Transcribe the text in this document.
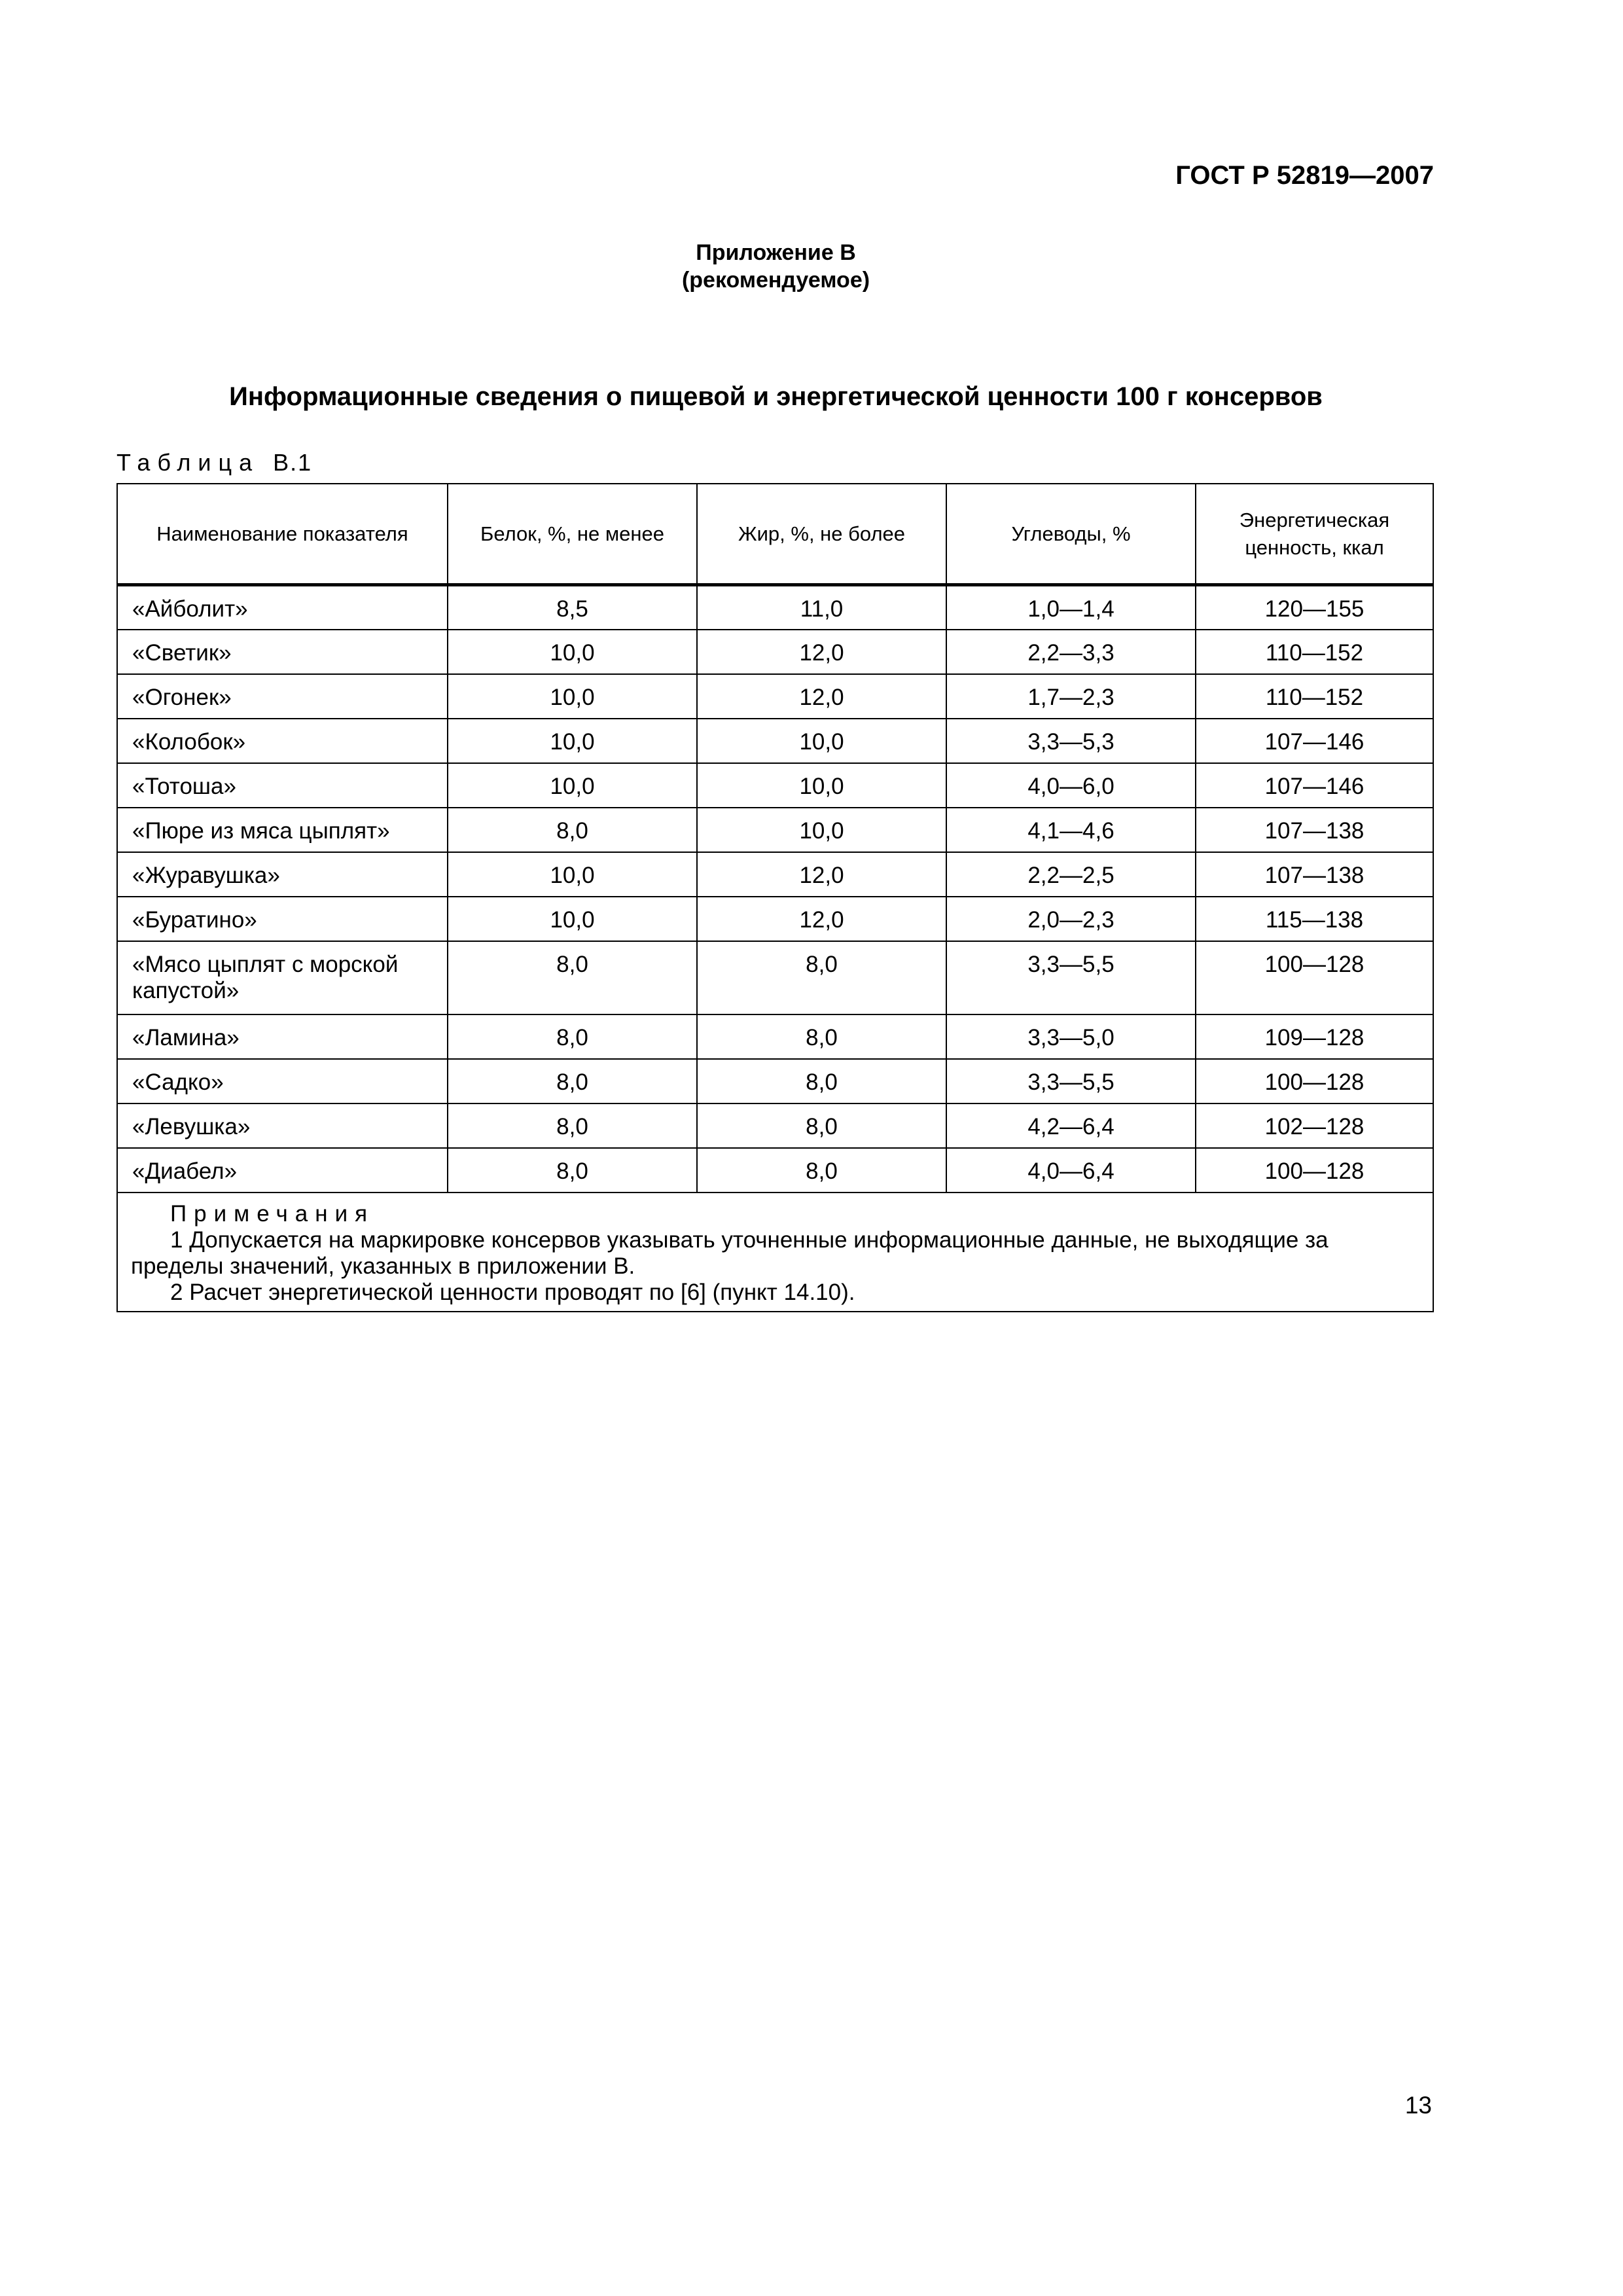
ГОСТ Р 52819—2007

Приложение В
(рекомендуемое)

Информационные сведения о пищевой и энергетической ценности 100 г консервов

Таблица В.1

Наименование показателя	Белок, %, не менее	Жир, %, не более	Углеводы, %	Энергетическая ценность, ккал
«Айболит»	8,5	11,0	1,0—1,4	120—155
«Светик»	10,0	12,0	2,2—3,3	110—152
«Огонек»	10,0	12,0	1,7—2,3	110—152
«Колобок»	10,0	10,0	3,3—5,3	107—146
«Тотоша»	10,0	10,0	4,0—6,0	107—146
«Пюре из мяса цыплят»	8,0	10,0	4,1—4,6	107—138
«Журавушка»	10,0	12,0	2,2—2,5	107—138
«Буратино»	10,0	12,0	2,0—2,3	115—138
«Мясо цыплят с морской капустой»	8,0	8,0	3,3—5,5	100—128
«Ламина»	8,0	8,0	3,3—5,0	109—128
«Садко»	8,0	8,0	3,3—5,5	100—128
«Левушка»	8,0	8,0	4,2—6,4	102—128
«Диабел»	8,0	8,0	4,0—6,4	100—128

Примечания
1 Допускается на маркировке консервов указывать уточненные информационные данные, не выходящие за пределы значений, указанных в приложении В.
2 Расчет энергетической ценности проводят по [6] (пункт 14.10).				

13
